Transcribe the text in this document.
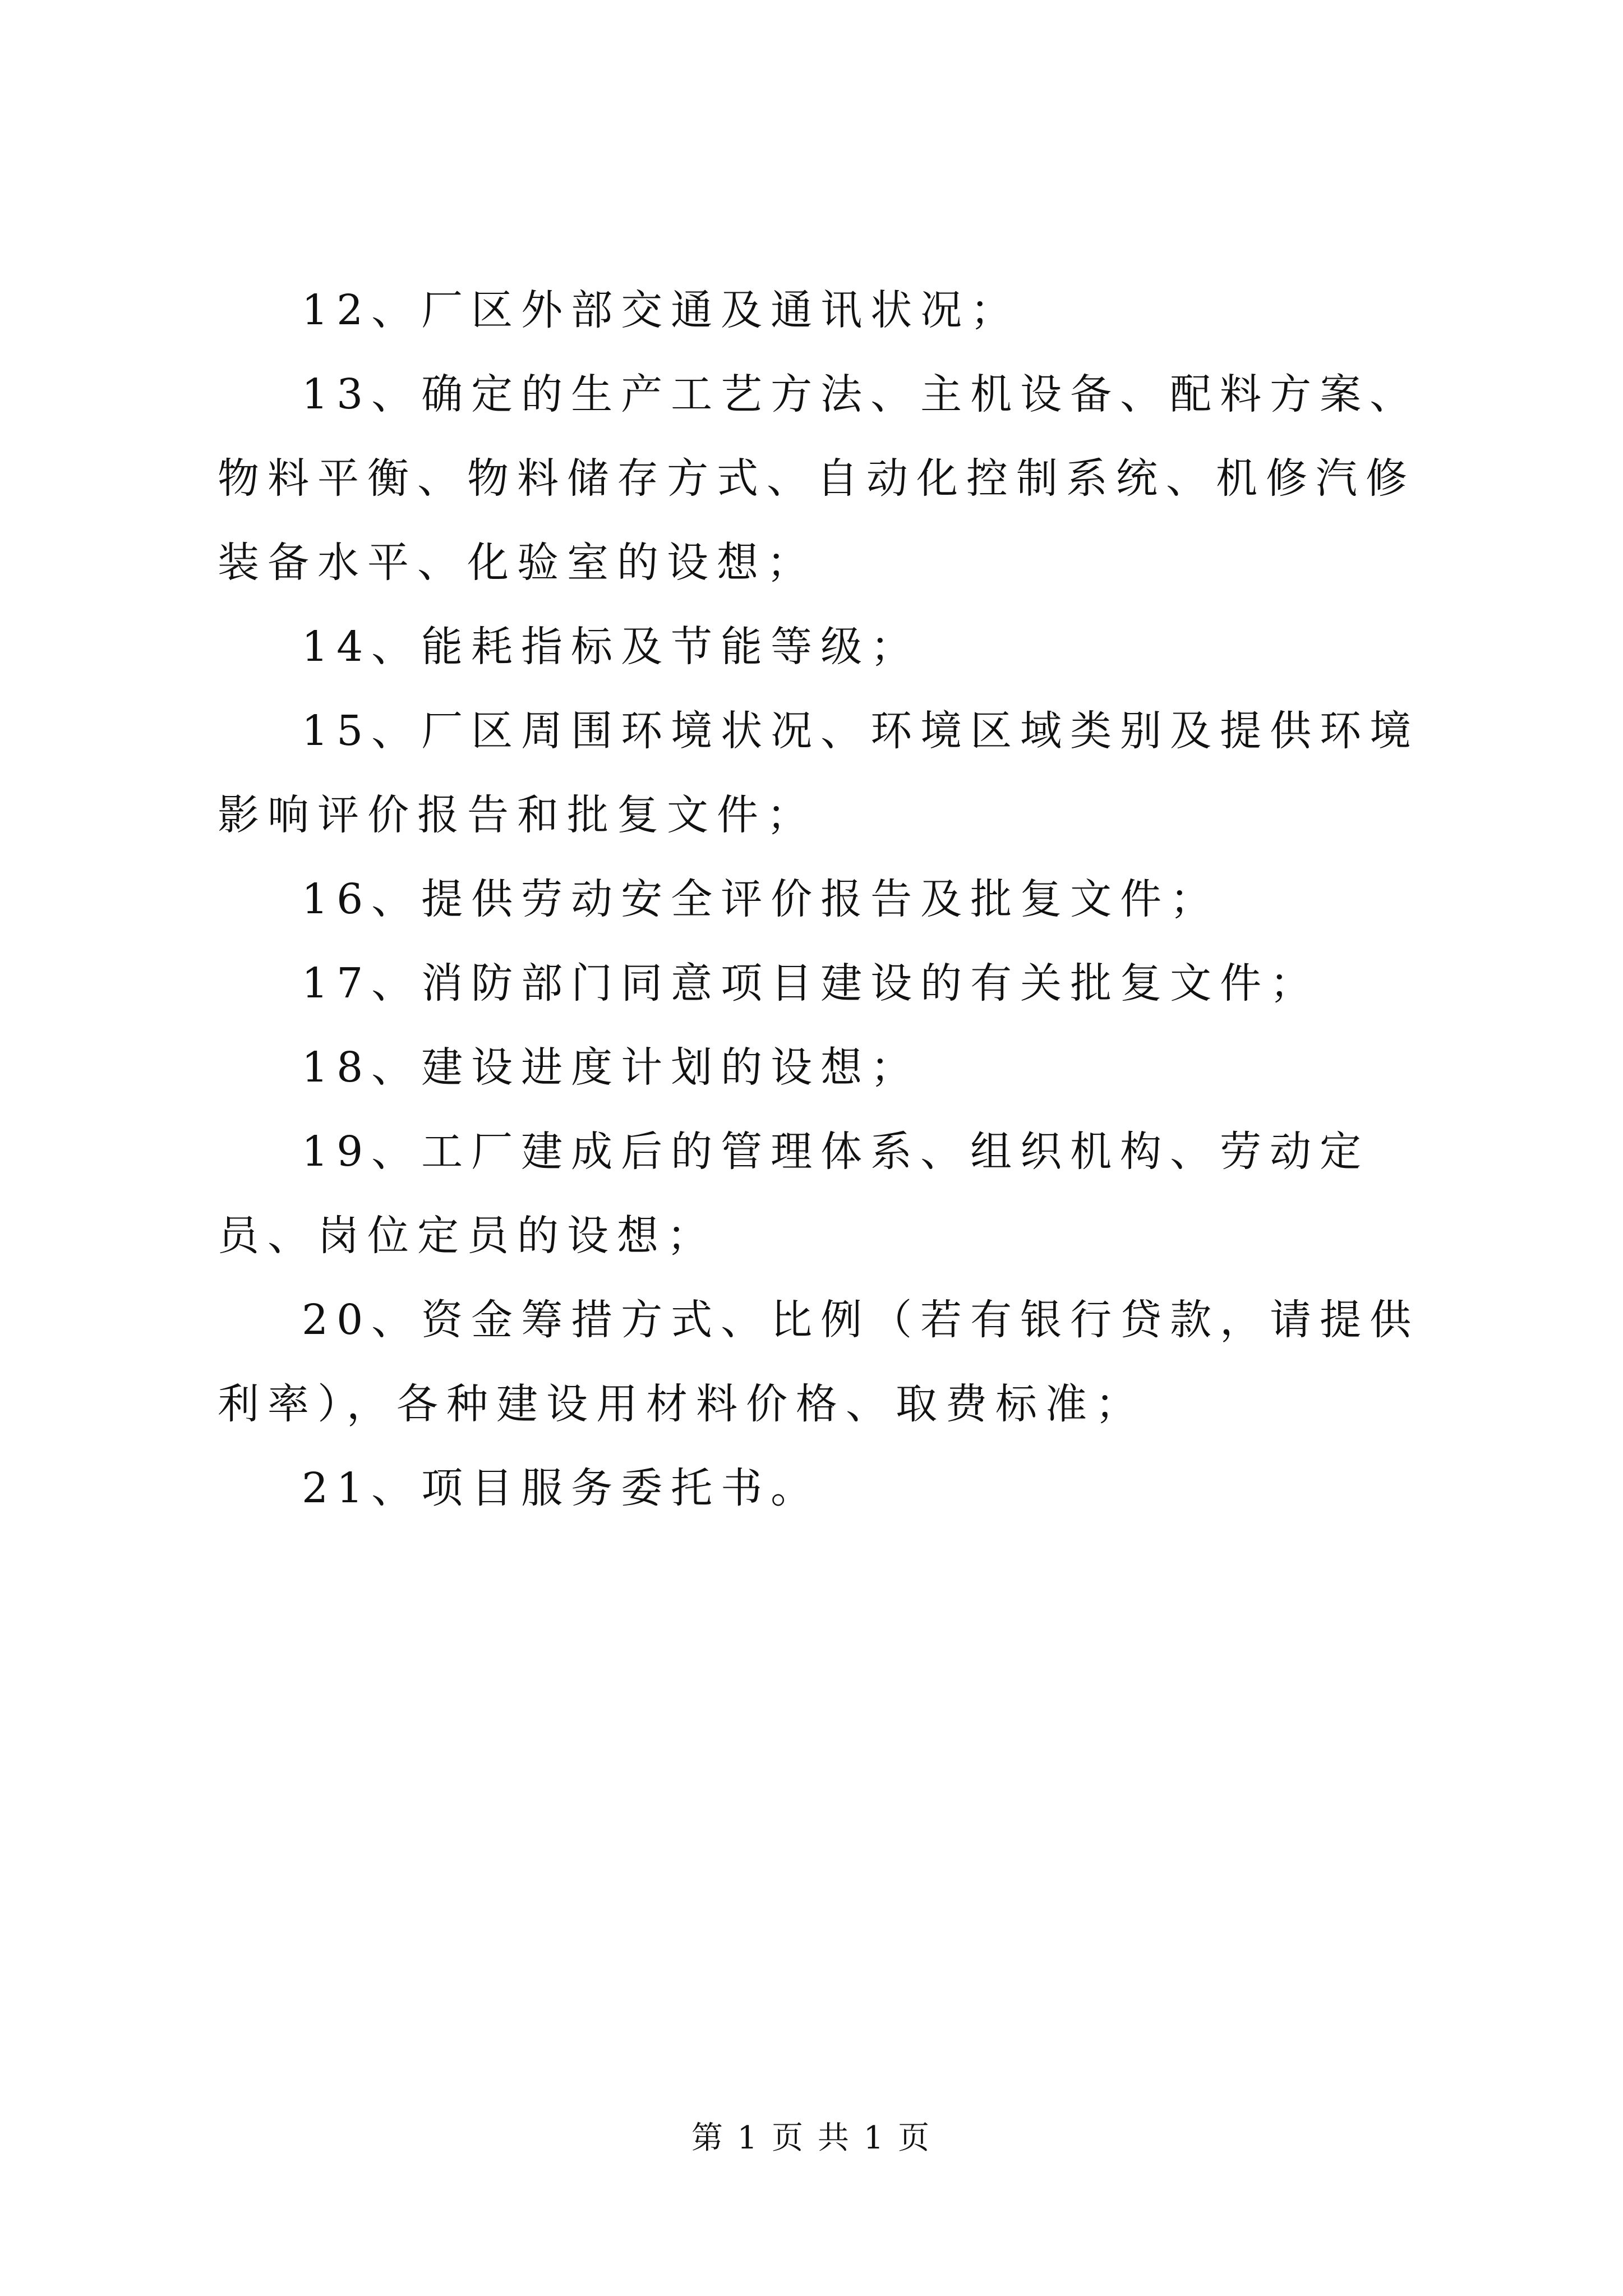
12、厂区外部交通及通讯状况；

13、确定的生产工艺方法、主机设备、配料方案、物料平衡、物料储存方式、自动化控制系统、机修汽修装备水平、化验室的设想；

14、能耗指标及节能等级；

15、厂区周围环境状况、环境区域类别及提供环境影响评价报告和批复文件；

16、提供劳动安全评价报告及批复文件；

17、消防部门同意项目建设的有关批复文件；

18、建设进度计划的设想；

19、工厂建成后的管理体系、组织机构、劳动定员、岗位定员的设想；

20、资金筹措方式、比例（若有银行贷款，请提供利率），各种建设用材料价格、取费标准；

21、项目服务委托书。

第 1 页 共 1 页
